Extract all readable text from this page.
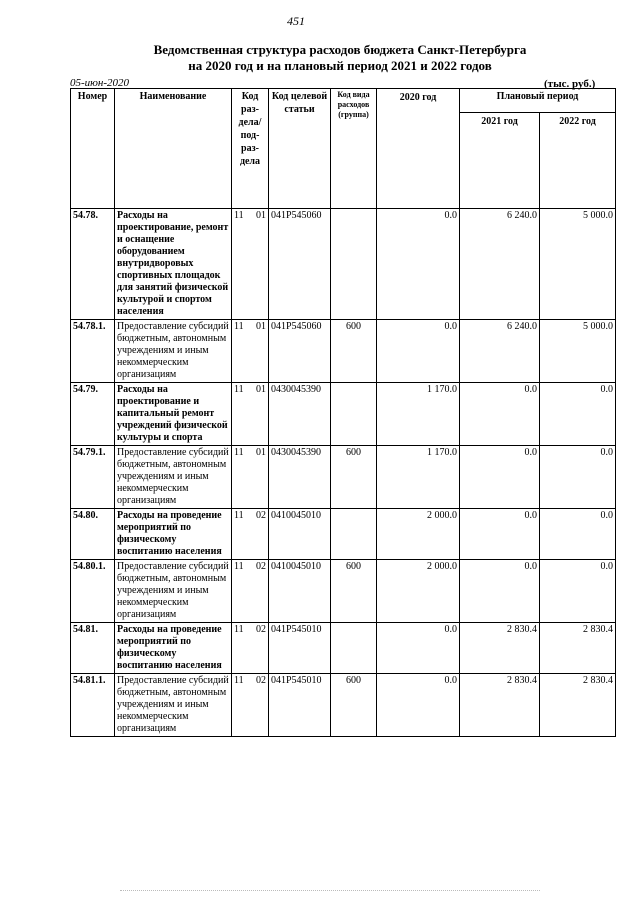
451
Ведомственная структура расходов бюджета Санкт-Петербурга
на 2020 год и на плановый период 2021 и 2022 годов
05-июн-2020	(тыс. руб.)
Номер	Наименование	Код раз-дела/ под-раз-дела	Код целевой статьи	Код вида расходов (группа)	2020 год	Плановый период	
						2021 год	2022 год
54.78.	Расходы на проектирование, ремонт и оснащение оборудованием внутридворовых спортивных площадок для занятий физической культурой и спортом населения	11 01	041P545060		0.0	6 240.0	5 000.0
54.78.1.	Предоставление субсидий бюджетным, автономным учреждениям и иным некоммерческим организациям	11 01	041P545060	600	0.0	6 240.0	5 000.0
54.79.	Расходы на проектирование и капитальный ремонт учреждений физической культуры и спорта	11 01	0430045390		1 170.0	0.0	0.0
54.79.1.	Предоставление субсидий бюджетным, автономным учреждениям и иным некоммерческим организациям	11 01	0430045390	600	1 170.0	0.0	0.0
54.80.	Расходы на проведение мероприятий по физическому воспитанию населения	11 02	0410045010		2 000.0	0.0	0.0
54.80.1.	Предоставление субсидий бюджетным, автономным учреждениям и иным некоммерческим организациям	11 02	0410045010	600	2 000.0	0.0	0.0
54.81.	Расходы на проведение мероприятий по физическому воспитанию населения	11 02	041P545010		0.0	2 830.4	2 830.4
54.81.1.	Предоставление субсидий бюджетным, автономным учреждениям и иным некоммерческим организациям	11 02	041P545010	600	0.0	2 830.4	2 830.4
